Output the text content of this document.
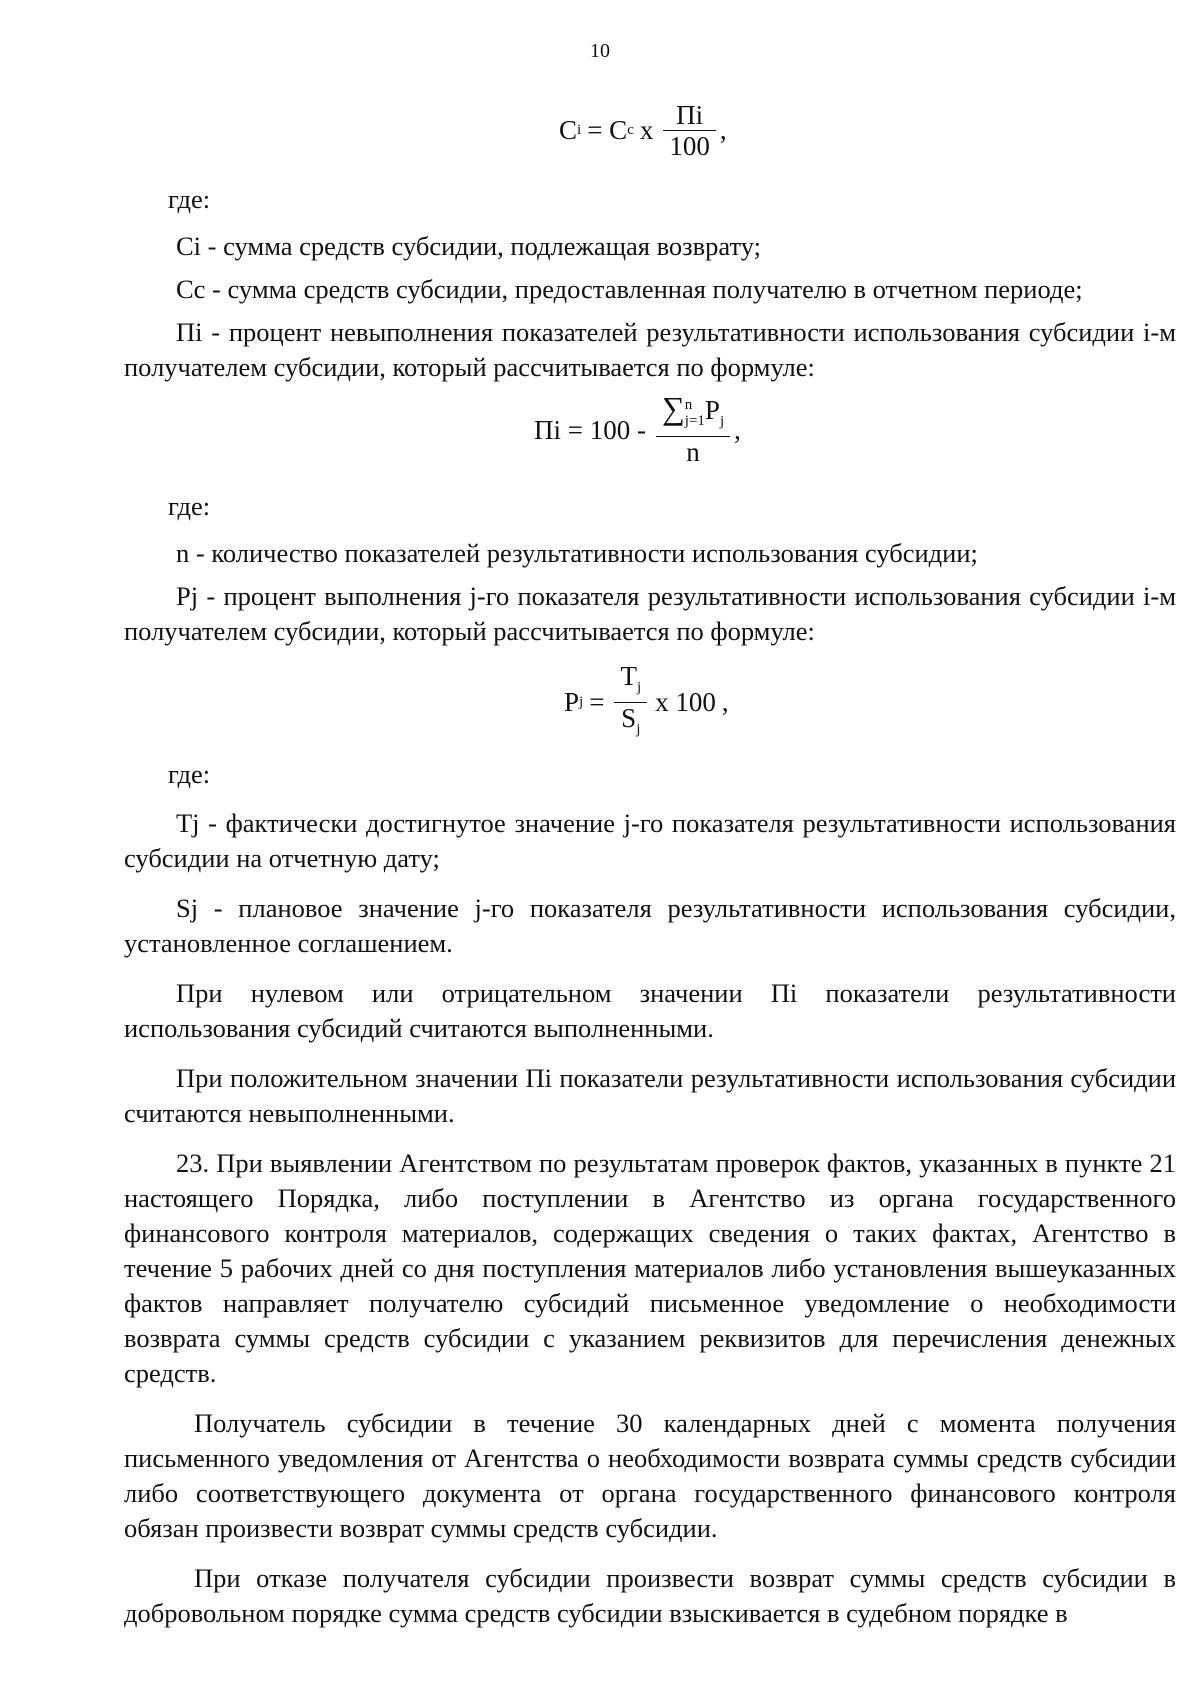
10
C i = C c x $\frac{Пi}{100}$ ,

где:

Ci - сумма средств субсидии, подлежащая возврату;

Cc - сумма средств субсидии, предоставленная получателю в отчетном периоде;

Пi - процент невыполнения показателей результативности использования субсидии i-м получателем субсидии, который рассчитывается по формуле:

Пi = 100 - ∑ n
j=1 $P_j$
n ,

где:

n - количество показателей результативности использования субсидии;

Pj - процент выполнения j-го показателя результативности использования субсидии i-м получателем субсидии, который рассчитывается по формуле:

P $j = \frac{T_j}{S_j}$ x 100 ,

где:

Tj - фактически достигнутое значение j-го показателя результативности использования субсидии на отчетную дату;

Sj - плановое значение j-го показателя результативности использования субсидии, установленное соглашением.

При нулевом или отрицательном значении Пi показатели результативности использования субсидий считаются выполненными.

При положительном значении Пi показатели результативности использования субсидии считаются невыполненными.

23. При выявлении Агентством по результатам проверок фактов, указанных в пункте 21 настоящего Порядка, либо поступлении в Агентство из органа государственного финансового контроля материалов, содержащих сведения о таких фактах, Агентство в течение 5 рабочих дней со дня поступления материалов либо установления вышеуказанных фактов направляет получателю субсидий письменное уведомление о необходимости возврата суммы средств субсидии с указанием реквизитов для перечисления денежных средств.

Получатель субсидии в течение 30 календарных дней с момента получения письменного уведомления от Агентства о необходимости возврата суммы средств субсидии либо соответствующего документа от органа государственного финансового контроля обязан произвести возврат суммы средств субсидии.

При отказе получателя субсидии произвести возврат суммы средств субсидии в добровольном порядке сумма средств субсидии взыскивается в судебном порядке в
